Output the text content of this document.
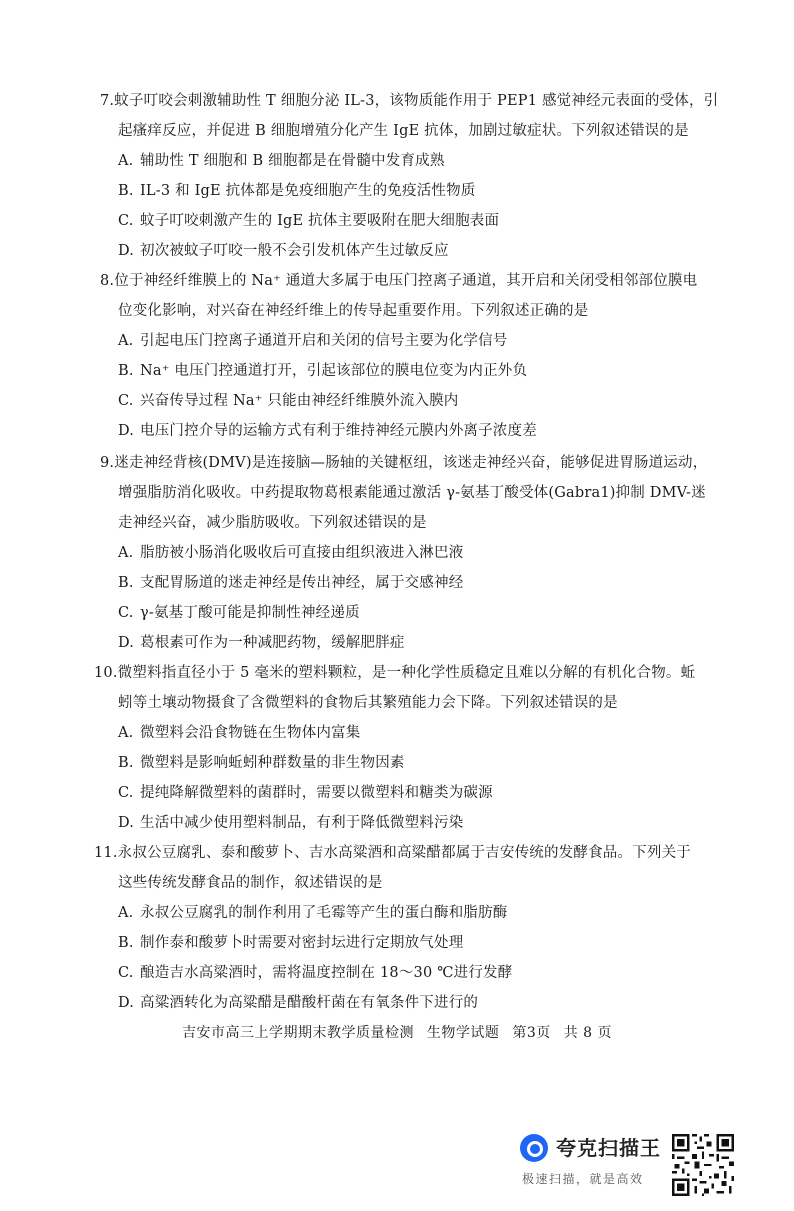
7.蚊子叮咬会刺激辅助性 T 细胞分泌 IL-3，该物质能作用于 PEP1 感觉神经元表面的受体，引
起瘙痒反应，并促进 B 细胞增殖分化产生 IgE 抗体，加剧过敏症状。下列叙述错误的是
A. 辅助性 T 细胞和 B 细胞都是在骨髓中发育成熟
B. IL-3 和 IgE 抗体都是免疫细胞产生的免疫活性物质
C. 蚊子叮咬刺激产生的 IgE 抗体主要吸附在肥大细胞表面
D. 初次被蚊子叮咬一般不会引发机体产生过敏反应
8.位于神经纤维膜上的 Na⁺ 通道大多属于电压门控离子通道，其开启和关闭受相邻部位膜电
位变化影响，对兴奋在神经纤维上的传导起重要作用。下列叙述正确的是
A. 引起电压门控离子通道开启和关闭的信号主要为化学信号
B. Na⁺ 电压门控通道打开，引起该部位的膜电位变为内正外负
C. 兴奋传导过程 Na⁺ 只能由神经纤维膜外流入膜内
D. 电压门控介导的运输方式有利于维持神经元膜内外离子浓度差
9.迷走神经背核(DMV)是连接脑—肠轴的关键枢纽，该迷走神经兴奋，能够促进胃肠道运动，
增强脂肪消化吸收。中药提取物葛根素能通过激活 γ-氨基丁酸受体(Gabra1)抑制 DMV-迷
走神经兴奋，减少脂肪吸收。下列叙述错误的是
A. 脂肪被小肠消化吸收后可直接由组织液进入淋巴液
B. 支配胃肠道的迷走神经是传出神经，属于交感神经
C. γ-氨基丁酸可能是抑制性神经递质
D. 葛根素可作为一种减肥药物，缓解肥胖症
10.微塑料指直径小于 5 毫米的塑料颗粒，是一种化学性质稳定且难以分解的有机化合物。蚯
蚓等土壤动物摄食了含微塑料的食物后其繁殖能力会下降。下列叙述错误的是
A. 微塑料会沿食物链在生物体内富集
B. 微塑料是影响蚯蚓种群数量的非生物因素
C. 提纯降解微塑料的菌群时，需要以微塑料和糖类为碳源
D. 生活中减少使用塑料制品，有利于降低微塑料污染
11.永叔公豆腐乳、泰和酸萝卜、吉水高粱酒和高粱醋都属于吉安传统的发酵食品。下列关于
这些传统发酵食品的制作，叙述错误的是
A. 永叔公豆腐乳的制作利用了毛霉等产生的蛋白酶和脂肪酶
B. 制作泰和酸萝卜时需要对密封坛进行定期放气处理
C. 酿造吉水高粱酒时，需将温度控制在 18～30 ℃进行发酵
D. 高粱酒转化为高粱醋是醋酸杆菌在有氧条件下进行的
吉安市高三上学期期末教学质量检测 生物学试题 第3页 共 8 页
夸克扫描王
极速扫描，就是高效
